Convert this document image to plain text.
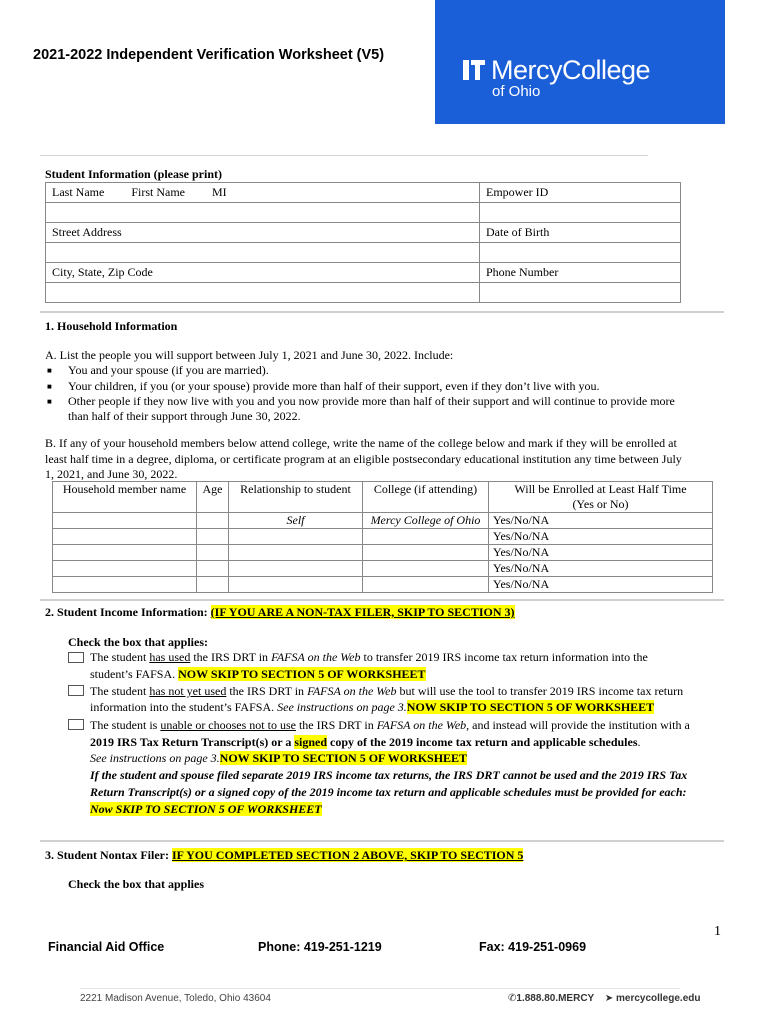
2021-2022 Independent Verification Worksheet (V5)	MercyCollege
of Ohio
Student Information (please print)
Last Name First Name MI	Empower ID

Street Address	Date of Birth

City, State, Zip Code	Phone Number

1. Household Information
A. List the people you will support between July 1, 2021 and June 30, 2022. Include:
■ You and your spouse (if you are married).
■ Your children, if you (or your spouse) provide more than half of their support, even if they don’t live with you.
■ Other people if they now live with you and you now provide more than half of their support and will continue to provide more
than half of their support through June 30, 2022.
B. If any of your household members below attend college, write the name of the college below and mark if they will be enrolled at
least half time in a degree, diploma, or certificate program at an eligible postsecondary educational institution any time between July
1, 2021, and June 30, 2022.
Household member name	Age	Relationship to student	College (if attending)	Will be Enrolled at Least Half Time
				(Yes or No)
		Self	Mercy College of Ohio	Yes/No/NA
				Yes/No/NA
				Yes/No/NA
				Yes/No/NA
				Yes/No/NA
2. Student Income Information: (IF YOU ARE A NON-TAX FILER, SKIP TO SECTION 3)
Check the box that applies:
The student has used the IRS DRT in FAFSA on the Web to transfer 2019 IRS income tax return information into the
student’s FAFSA. NOW SKIP TO SECTION 5 OF WORKSHEET
The student has not yet used the IRS DRT in FAFSA on the Web but will use the tool to transfer 2019 IRS income tax return
information into the student’s FAFSA. See instructions on page 3.NOW SKIP TO SECTION 5 OF WORKSHEET
The student is unable or chooses not to use the IRS DRT in FAFSA on the Web, and instead will provide the institution with a
2019 IRS Tax Return Transcript(s) or a signed copy of the 2019 income tax return and applicable schedules.
See instructions on page 3.NOW SKIP TO SECTION 5 OF WORKSHEET
If the student and spouse filed separate 2019 IRS income tax returns, the IRS DRT cannot be used and the 2019 IRS Tax
Return Transcript(s) or a signed copy of the 2019 income tax return and applicable schedules must be provided for each:
Now SKIP TO SECTION 5 OF WORKSHEET
3. Student Nontax Filer: IF YOU COMPLETED SECTION 2 ABOVE, SKIP TO SECTION 5
Check the box that applies
1
Financial Aid Office	Phone: 419-251-1219	Fax: 419-251-0969
2221 Madison Avenue, Toledo, Ohio 43604	✆1.888.80.MERCY ➤ mercycollege.edu
